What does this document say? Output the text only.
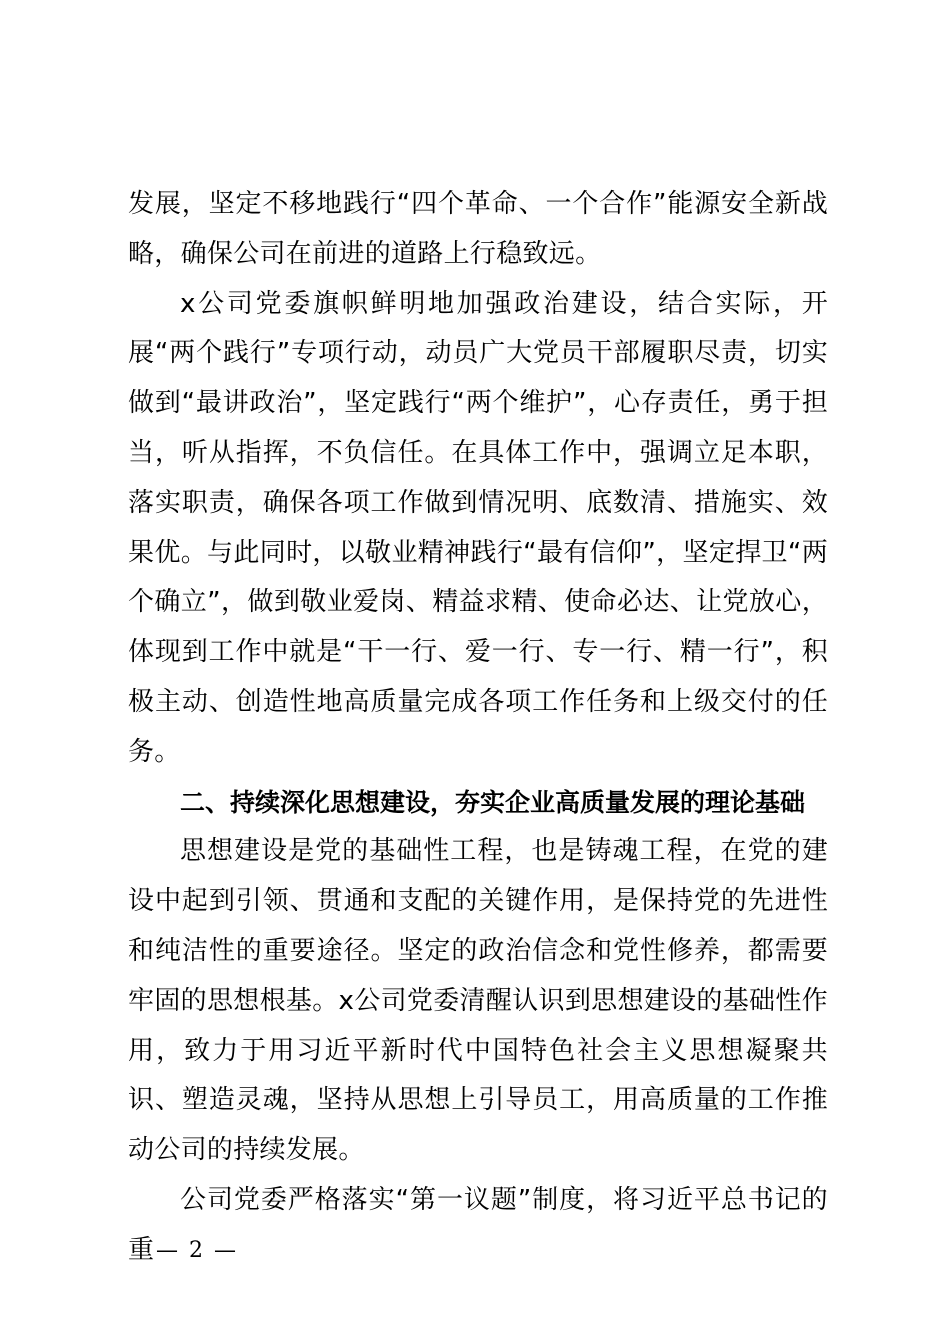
发展，坚定不移地践行“四个革命、一个合作”能源安全新战略，确保公司在前进的道路上行稳致远。

x公司党委旗帜鲜明地加强政治建设，结合实际，开展“两个践行”专项行动，动员广大党员干部履职尽责，切实做到“最讲政治”，坚定践行“两个维护”，心存责任，勇于担当，听从指挥，不负信任。在具体工作中，强调立足本职，落实职责，确保各项工作做到情况明、底数清、措施实、效果优。与此同时，以敬业精神践行“最有信仰”，坚定捍卫“两个确立”，做到敬业爱岗、精益求精、使命必达、让党放心，体现到工作中就是“干一行、爱一行、专一行、精一行”，积极主动、创造性地高质量完成各项工作任务和上级交付的任务。

二、持续深化思想建设，夯实企业高质量发展的理论基础

思想建设是党的基础性工程，也是铸魂工程，在党的建设中起到引领、贯通和支配的关键作用，是保持党的先进性和纯洁性的重要途径。坚定的政治信念和党性修养，都需要牢固的思想根基。x公司党委清醒认识到思想建设的基础性作用，致力于用习近平新时代中国特色社会主义思想凝聚共识、塑造灵魂，坚持从思想上引导员工，用高质量的工作推动公司的持续发展。

公司党委严格落实“第一议题”制度，将习近平总书记的重 — 2 —
